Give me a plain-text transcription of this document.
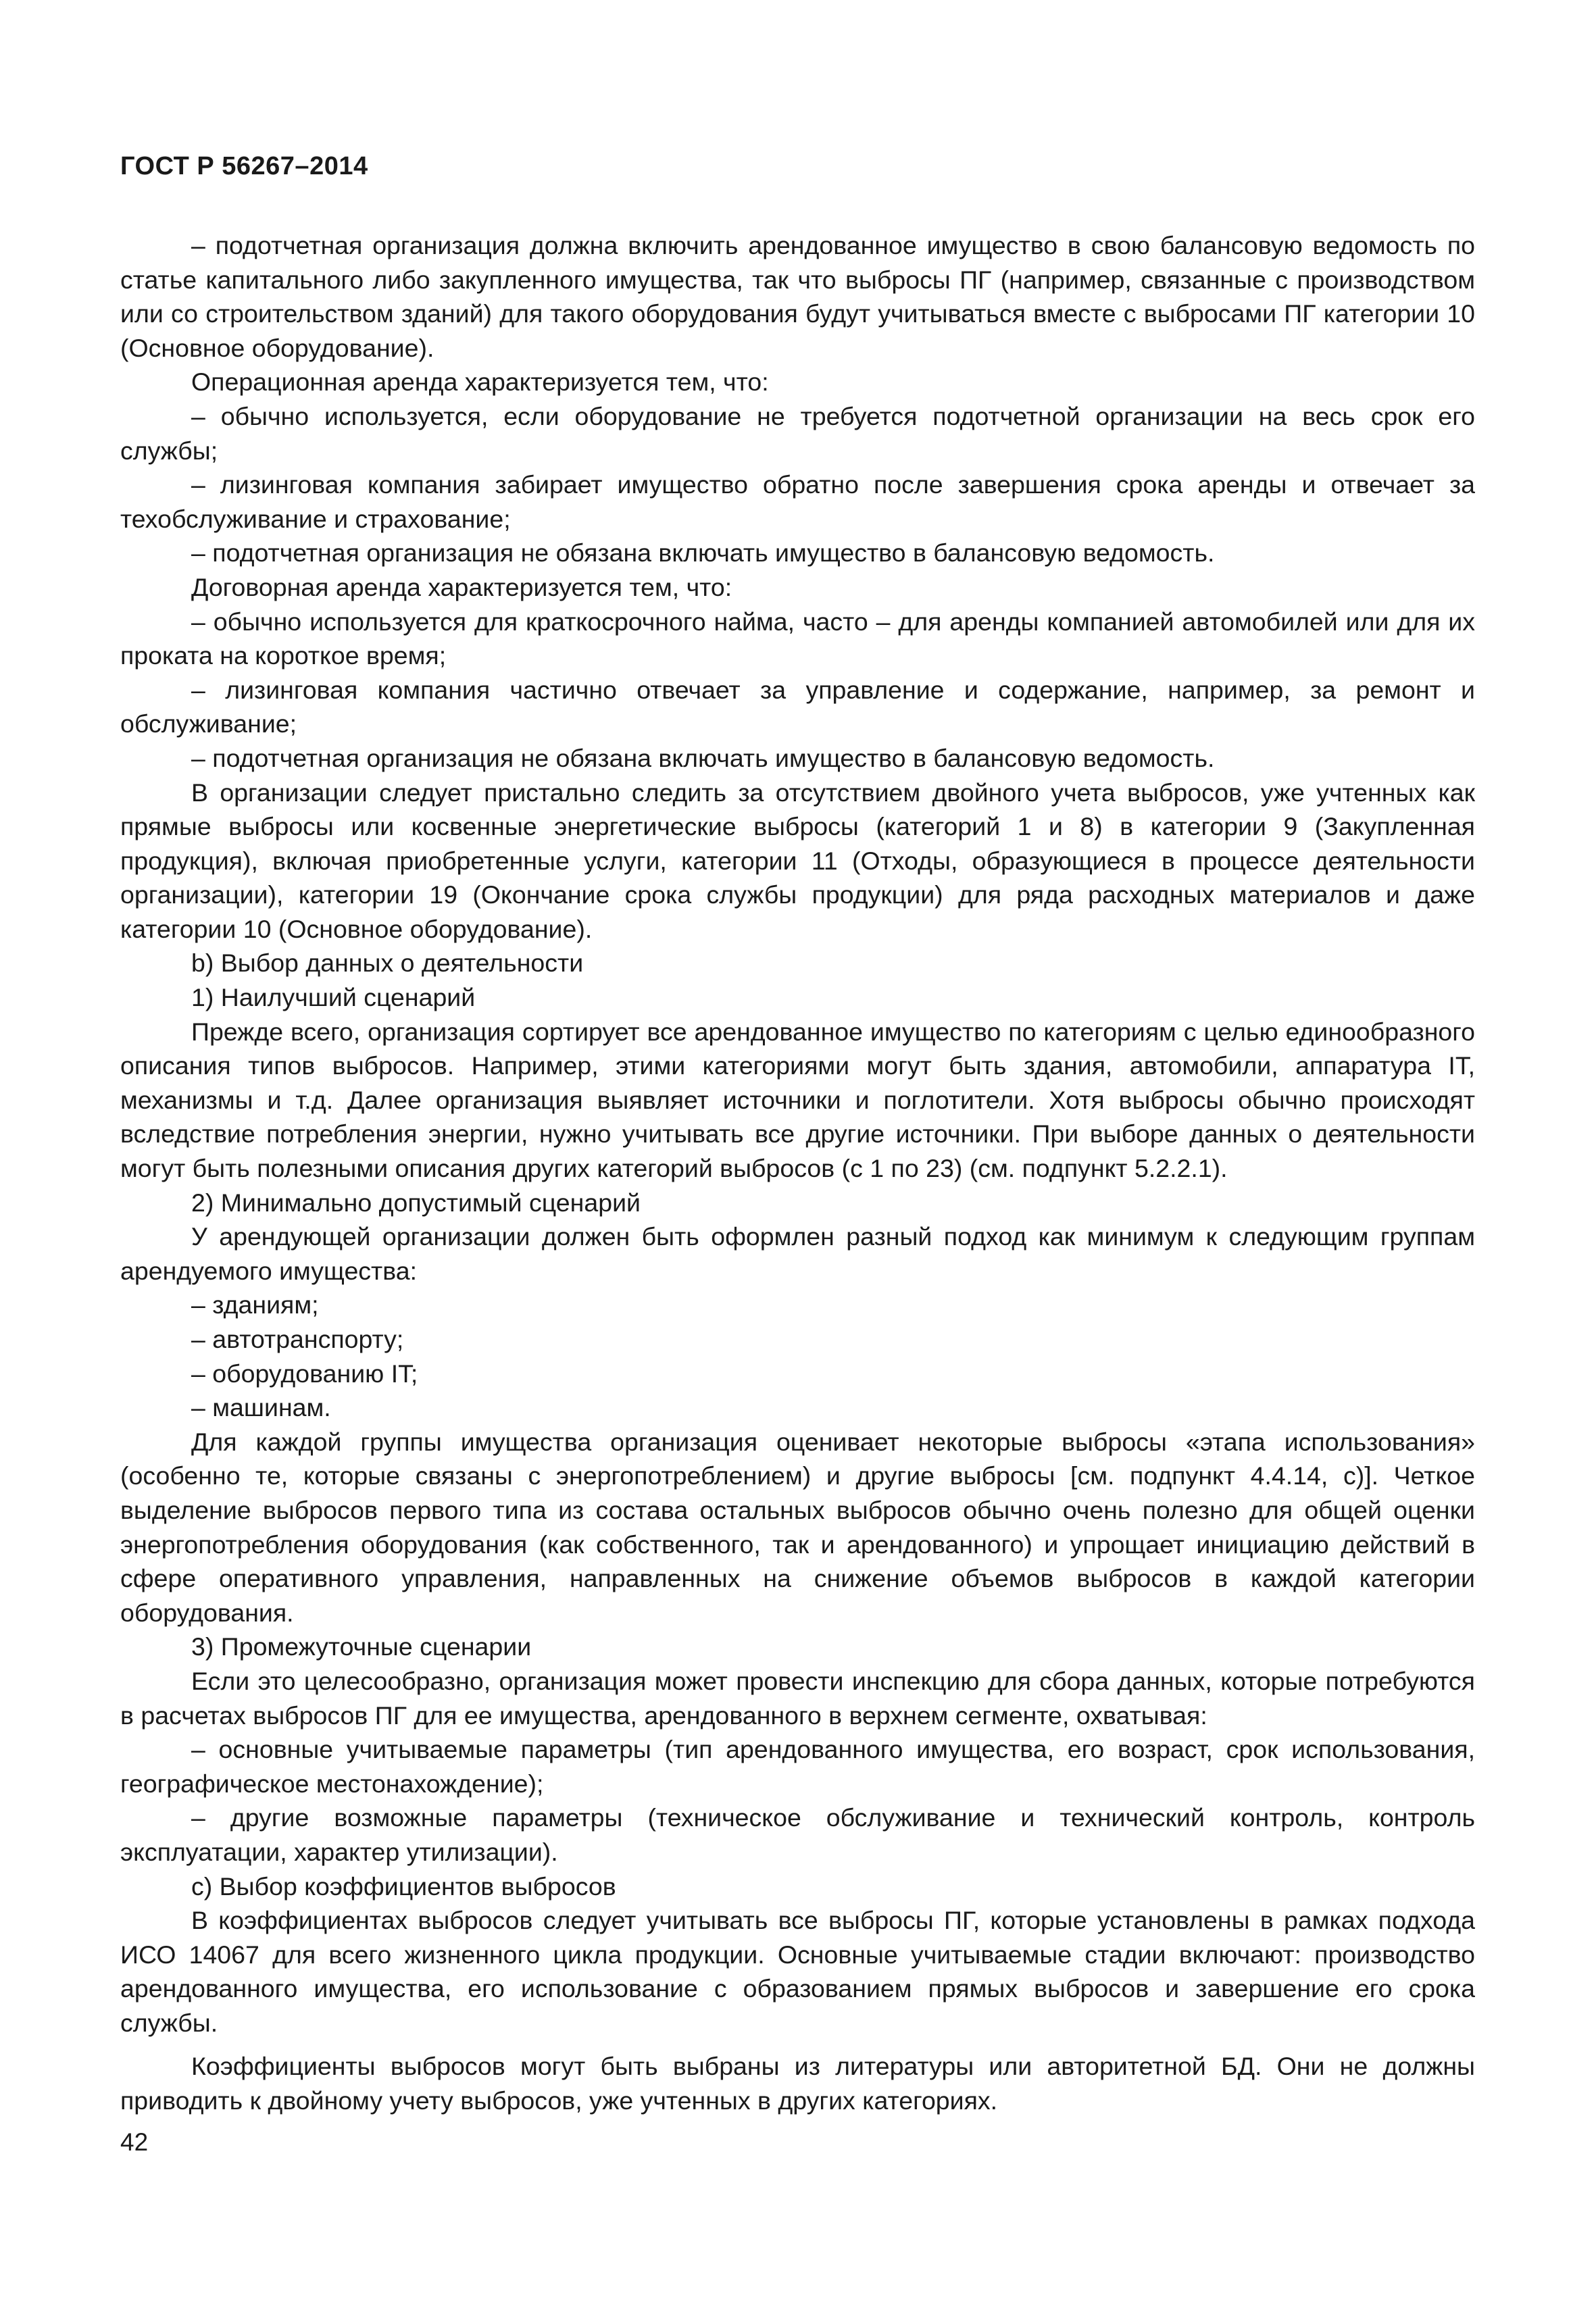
ГОСТ Р 56267–2014

– подотчетная организация должна включить арендованное имущество в свою балансовую ведомость по статье капитального либо закупленного имущества, так что выбросы ПГ (например, связанные с производством или со строительством зданий) для такого оборудования будут учитываться вместе с выбросами ПГ категории 10 (Основное оборудование).

Операционная аренда характеризуется тем, что:

– обычно используется, если оборудование не требуется подотчетной организации на весь срок его службы;

– лизинговая компания забирает имущество обратно после завершения срока аренды и отвечает за техобслуживание и страхование;

– подотчетная организация не обязана включать имущество в балансовую ведомость.

Договорная аренда характеризуется тем, что:

– обычно используется для краткосрочного найма, часто – для аренды компанией автомобилей или для их проката на короткое время;

– лизинговая компания частично отвечает за управление и содержание, например, за ремонт и обслуживание;

– подотчетная организация не обязана включать имущество в балансовую ведомость.

В организации следует пристально следить за отсутствием двойного учета выбросов, уже учтенных как прямые выбросы или косвенные энергетические выбросы (категорий 1 и 8) в категории 9 (Закупленная продукция), включая приобретенные услуги, категории 11 (Отходы, образующиеся в процессе деятельности организации), категории 19 (Окончание срока службы продукции) для ряда расходных материалов и даже категории 10 (Основное оборудование).

b) Выбор данных о деятельности

1) Наилучший сценарий

Прежде всего, организация сортирует все арендованное имущество по категориям с целью единообразного описания типов выбросов. Например, этими категориями могут быть здания, автомобили, аппаратура IT, механизмы и т.д. Далее организация выявляет источники и поглотители. Хотя выбросы обычно происходят вследствие потребления энергии, нужно учитывать все другие источники. При выборе данных о деятельности могут быть полезными описания других категорий выбросов (с 1 по 23) (см. подпункт 5.2.2.1).

2) Минимально допустимый сценарий

У арендующей организации должен быть оформлен разный подход как минимум к следующим группам арендуемого имущества:

– зданиям;

– автотранспорту;

– оборудованию IT;

– машинам.

Для каждой группы имущества организация оценивает некоторые выбросы «этапа использования» (особенно те, которые связаны с энергопотреблением) и другие выбросы [см. подпункт 4.4.14, с)]. Четкое выделение выбросов первого типа из состава остальных выбросов обычно очень полезно для общей оценки энергопотребления оборудования (как собственного, так и арендованного) и упрощает инициацию действий в сфере оперативного управления, направленных на снижение объемов выбросов в каждой категории оборудования.

3) Промежуточные сценарии

Если это целесообразно, организация может провести инспекцию для сбора данных, которые потребуются в расчетах выбросов ПГ для ее имущества, арендованного в верхнем сегменте, охватывая:

– основные учитываемые параметры (тип арендованного имущества, его возраст, срок использования, географическое местонахождение);

– другие возможные параметры (техническое обслуживание и технический контроль, контроль эксплуатации, характер утилизации).

с) Выбор коэффициентов выбросов

В коэффициентах выбросов следует учитывать все выбросы ПГ, которые установлены в рамках подхода ИСО 14067 для всего жизненного цикла продукции. Основные учитываемые стадии включают: производство арендованного имущества, его использование с образованием прямых выбросов и завершение его срока службы.

Коэффициенты выбросов могут быть выбраны из литературы или авторитетной БД. Они не должны приводить к двойному учету выбросов, уже учтенных в других категориях.

42
